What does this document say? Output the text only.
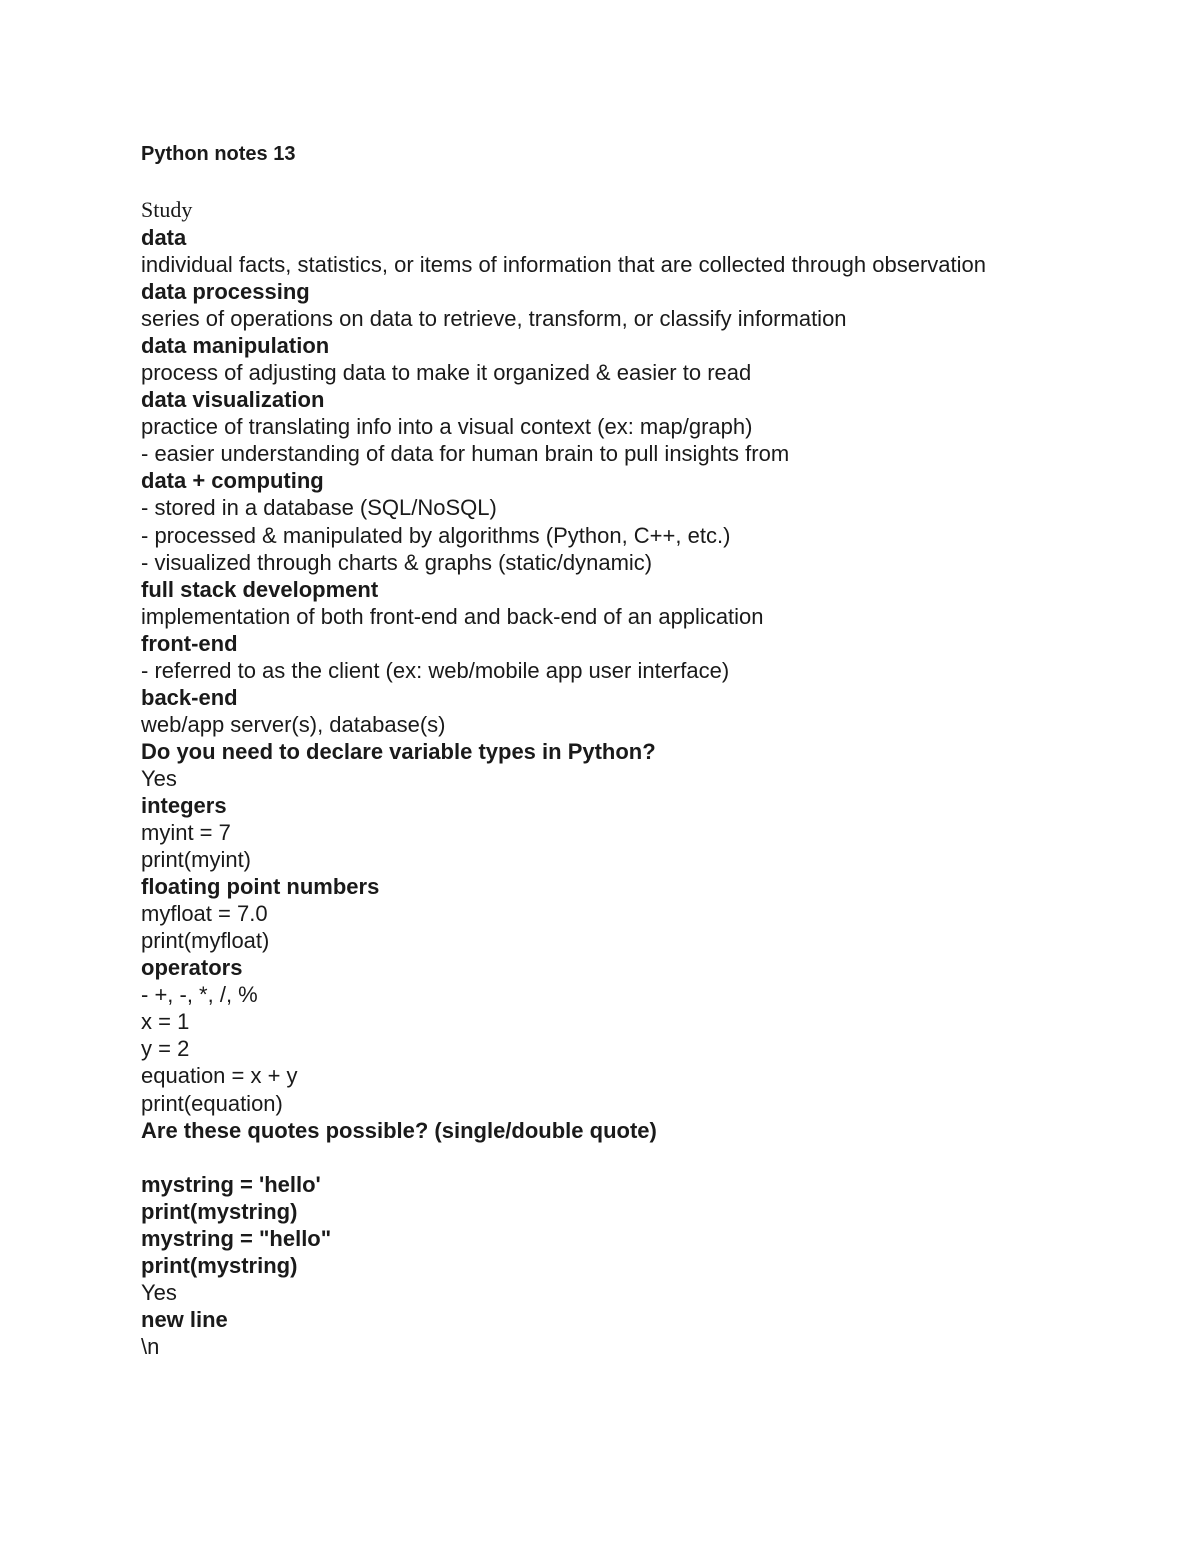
Python notes 13
Study
data
individual facts, statistics, or items of information that are collected through observation
data processing
series of operations on data to retrieve, transform, or classify information
data manipulation
process of adjusting data to make it organized & easier to read
data visualization
practice of translating info into a visual context (ex: map/graph)
- easier understanding of data for human brain to pull insights from
data + computing
- stored in a database (SQL/NoSQL)
- processed & manipulated by algorithms (Python, C++, etc.)
- visualized through charts & graphs (static/dynamic)
full stack development
implementation of both front-end and back-end of an application
front-end
- referred to as the client (ex: web/mobile app user interface)
back-end
web/app server(s), database(s)
Do you need to declare variable types in Python?
Yes
integers
myint = 7
print(myint)
floating point numbers
myfloat = 7.0
print(myfloat)
operators
- +, -, *, /, %
x = 1
y = 2
equation = x + y
print(equation)
Are these quotes possible? (single/double quote)
mystring = 'hello'
print(mystring)
mystring = "hello"
print(mystring)
Yes
new line
\n
